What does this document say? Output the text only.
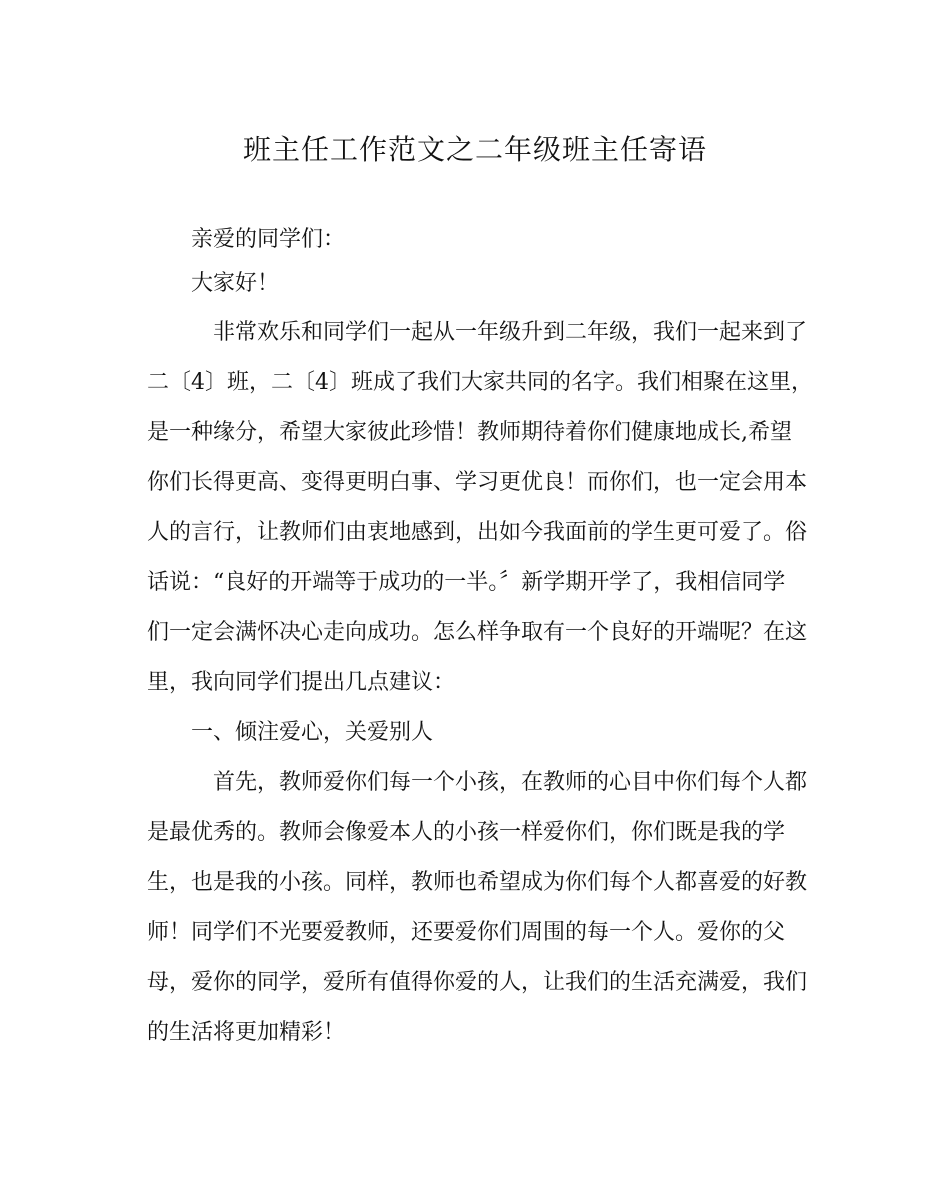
班主任工作范文之二年级班主任寄语

亲爱的同学们：

大家好！

非常欢乐和同学们一起从一年级升到二年级，我们一起来到了

二〔4〕班，二〔4〕班成了我们大家共同的名字。我们相聚在这里，

是一种缘分，希望大家彼此珍惜！教师期待着你们健康地成长,希望

你们长得更高、变得更明白事、学习更优良！而你们，也一定会用本

人的言行，让教师们由衷地感到，出如今我面前的学生更可爱了。俗

话说：“良好的开端等于成功的一半。〞新学期开学了，我相信同学

们一定会满怀决心走向成功。怎么样争取有一个良好的开端呢？在这

里，我向同学们提出几点建议：

一、倾注爱心，关爱别人

首先，教师爱你们每一个小孩，在教师的心目中你们每个人都

是最优秀的。教师会像爱本人的小孩一样爱你们，你们既是我的学

生，也是我的小孩。同样，教师也希望成为你们每个人都喜爱的好教

师！同学们不光要爱教师，还要爱你们周围的每一个人。爱你的父

母，爱你的同学，爱所有值得你爱的人，让我们的生活充满爱，我们

的生活将更加精彩！
